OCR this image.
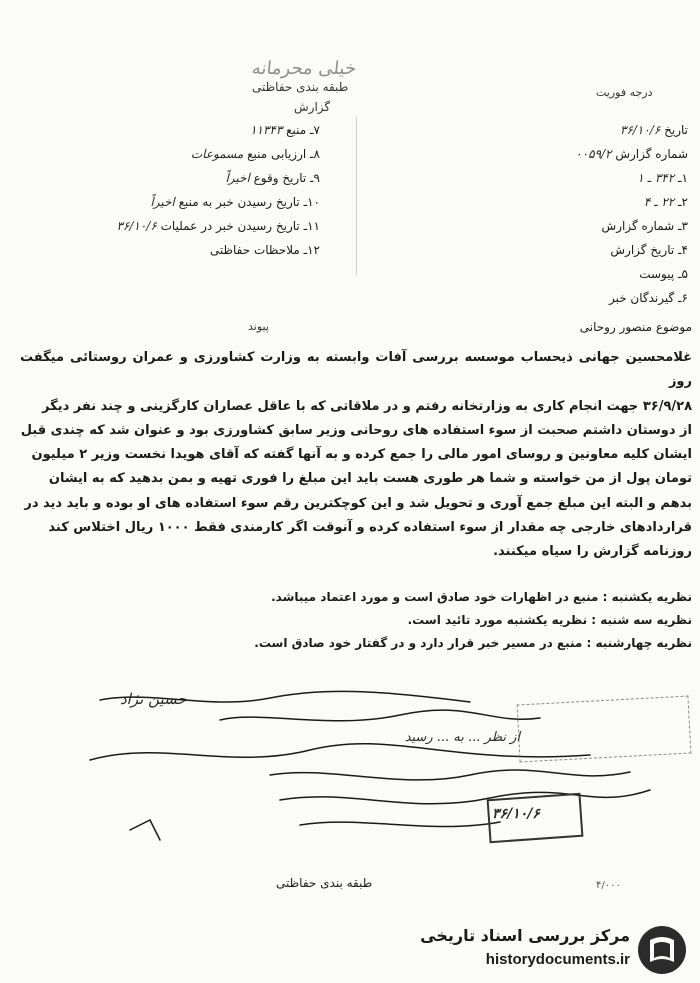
خیلی محرمانه
طبقه بندی حفاظتی
گزارش
درجه فوریت
۷ـ منبع ۱۱۳۴۳
۸ـ ارزیابی منبع مسموعات
۹ـ تاریخ وقوع اخیراً
۱۰ـ تاریخ رسیدن خبر به منبع اخیراً
۱۱ـ تاریخ رسیدن خبر در عملیات ۳۶/۱۰/۶
۱۲ـ ملاحظات حفاظتی
تاریخ ۳۶/۱۰/۶
شماره گزارش ۰۰۵۹/۲
۱ـ ۳۴۲ ـ ۱
۲ـ ۲۲ ـ ۴
۳ـ شماره گزارش
۴ـ تاریخ گزارش
۵ـ پیوست
۶ـ گیرندگان خبر
پیوند	موضوع منصور روحانی

غلامحسین جهانی ذیحساب موسسه بررسی آفات وابسته به وزارت کشاورزی و عمران روستائی میگفت روز

۳۶/۹/۲۸ جهت انجام کاری به وزارتخانه رفتم و در ملاقاتی که با عاقل عصاران کارگزینی و چند نفر دیگر

از دوستان داشتم صحبت از سوء استفاده های روحانی وزیر سابق کشاورزی بود و عنوان شد که چندی قبل

ایشان کلیه معاونین و روسای امور مالی را جمع کرده و به آنها گفته که آقای هویدا نخست وزیر ۲ میلیون

تومان پول از من خواسته و شما هر طوری هست باید این مبلغ را فوری تهیه و بمن بدهید که به ایشان

بدهم و البته این مبلغ جمع آوری و تحویل شد و این کوچکترین رقم سوء استفاده های او بوده و باید دید در

قراردادهای خارجی چه مقدار از سوء استفاده کرده و آنوقت اگر کارمندی فقط ۱۰۰۰ ریال اختلاس کند

روزنامه گزارش را سیاه میکنند.

نظریه یکشنبه : منبع در اظهارات خود صادق است و مورد اعتماد میباشد.
نظریه سه شنبه : نظریه یکشنبه مورد تائید است.
نظریه چهارشنبه : منبع در مسیر خبر قرار دارد و در گفتار خود صادق است.
حسین نژاد
از نظر ... به ... رسید
۳۶/۱۰/۶
طبقه بندی حفاظتی	۴/۰۰۰
مرکز بررسی اسناد تاریخی
historydocuments.ir
